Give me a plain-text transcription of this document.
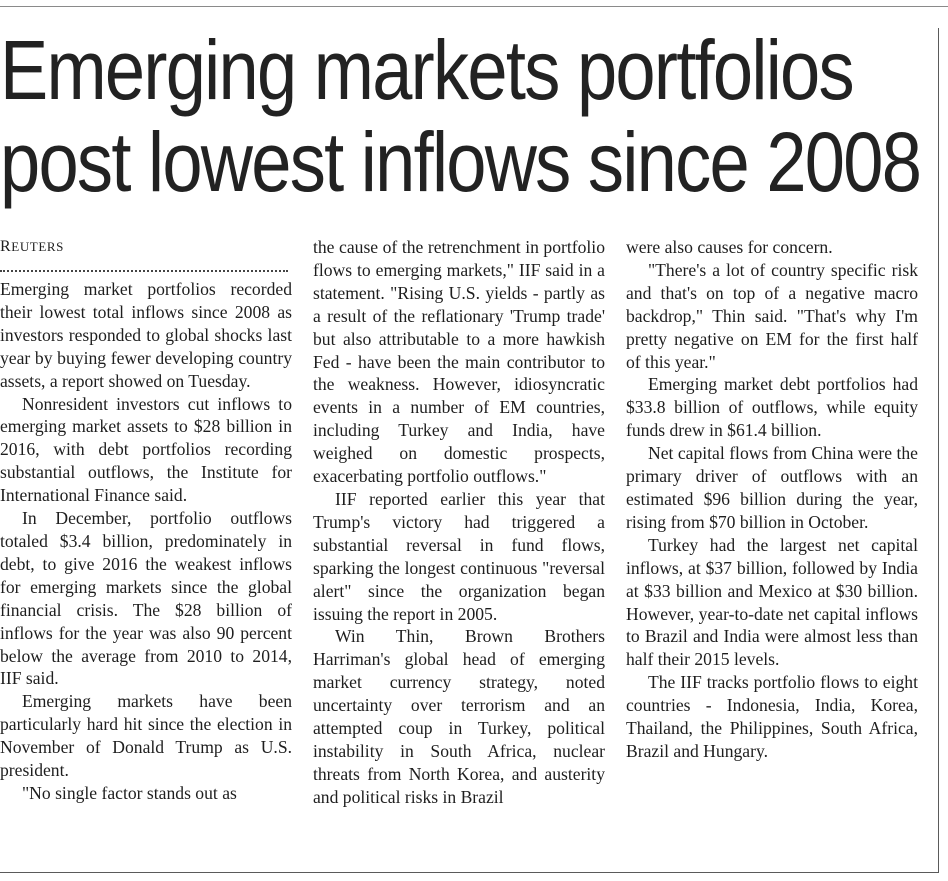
Emerging markets portfolios
post lowest inflows since 2008
REUTERS

Emerging market portfolios recorded their lowest total inflows since 2008 as investors responded to global shocks last year by buying fewer developing country assets, a report showed on Tuesday.

Nonresident investors cut inflows to emerging market assets to $28 billion in 2016, with debt portfolios recording substantial outflows, the Institute for International Finance said.

In December, portfolio outflows totaled $3.4 billion, predominately in debt, to give 2016 the weakest inflows for emerging markets since the global financial crisis. The $28 billion of inflows for the year was also 90 percent below the average from 2010 to 2014, IIF said.

Emerging markets have been particularly hard hit since the election in November of Donald Trump as U.S. president.

"No single factor stands out as

the cause of the retrenchment in portfolio flows to emerging markets," IIF said in a statement. "Rising U.S. yields - partly as a result of the reflationary 'Trump trade' but also attributable to a more hawkish Fed - have been the main contributor to the weakness. However, idiosyncratic events in a number of EM countries, including Turkey and India, have weighed on domestic prospects, exacerbating portfolio outflows."

IIF reported earlier this year that Trump's victory had triggered a substantial reversal in fund flows, sparking the longest continuous "reversal alert" since the organization began issuing the report in 2005.

Win Thin, Brown Brothers Harriman's global head of emerging market currency strategy, noted uncertainty over terrorism and an attempted coup in Turkey, political instability in South Africa, nuclear threats from North Korea, and austerity and political risks in Brazil

were also causes for concern.

"There's a lot of country specific risk and that's on top of a negative macro backdrop," Thin said. "That's why I'm pretty negative on EM for the first half of this year."

Emerging market debt portfolios had $33.8 billion of outflows, while equity funds drew in $61.4 billion.

Net capital flows from China were the primary driver of outflows with an estimated $96 billion during the year, rising from $70 billion in October.

Turkey had the largest net capital inflows, at $37 billion, followed by India at $33 billion and Mexico at $30 billion. However, year-to-date net capital inflows to Brazil and India were almost less than half their 2015 levels.

The IIF tracks portfolio flows to eight countries - Indonesia, India, Korea, Thailand, the Philippines, South Africa, Brazil and Hungary.
